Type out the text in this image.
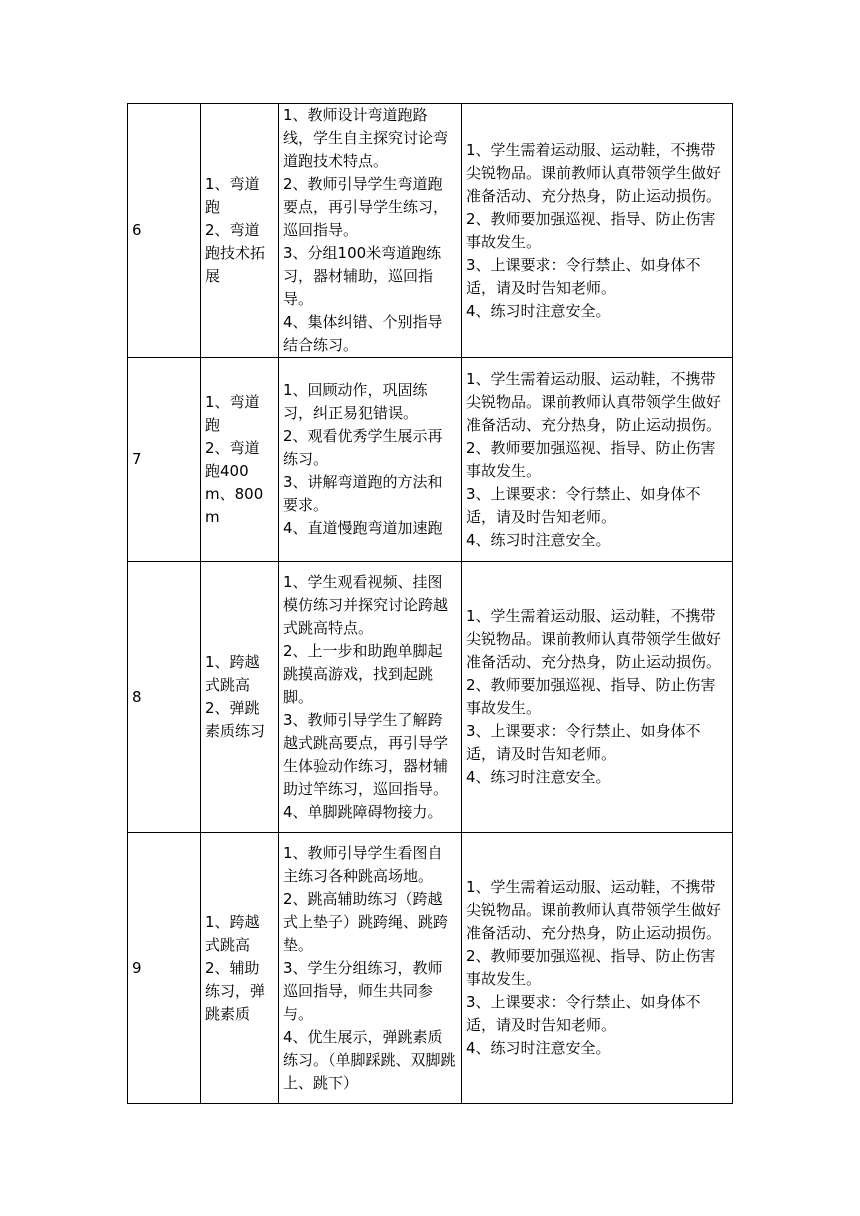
6	1、弯道跑
2、弯道跑技术拓展	1、教师设计弯道跑路线，学生自主探究讨论弯道跑技术特点。
2、教师引导学生弯道跑要点，再引导学生练习，巡回指导。
3、分组100米弯道跑练习，器材辅助，巡回指导。
4、集体纠错、个别指导结合练习。	1、学生需着运动服、运动鞋，不携带尖锐物品。课前教师认真带领学生做好准备活动、充分热身，防止运动损伤。
2、教师要加强巡视、指导、防止伤害事故发生。
3、上课要求：令行禁止、如身体不适，请及时告知老师。
4、练习时注意安全。

7	1、弯道跑
2、弯道跑400m、800m	1、回顾动作，巩固练习，纠正易犯错误。
2、观看优秀学生展示再练习。
3、讲解弯道跑的方法和要求。
4、直道慢跑弯道加速跑	1、学生需着运动服、运动鞋，不携带尖锐物品。课前教师认真带领学生做好准备活动、充分热身，防止运动损伤。
2、教师要加强巡视、指导、防止伤害事故发生。
3、上课要求：令行禁止、如身体不适，请及时告知老师。
4、练习时注意安全。

8	1、跨越式跳高
2、弹跳素质练习	1、学生观看视频、挂图模仿练习并探究讨论跨越式跳高特点。
2、上一步和助跑单脚起跳摸高游戏，找到起跳脚。
3、教师引导学生了解跨越式跳高要点，再引导学生体验动作练习，器材辅助过竿练习，巡回指导。
4、单脚跳障碍物接力。	1、学生需着运动服、运动鞋，不携带尖锐物品。课前教师认真带领学生做好准备活动、充分热身，防止运动损伤。
2、教师要加强巡视、指导、防止伤害事故发生。
3、上课要求：令行禁止、如身体不适，请及时告知老师。
4、练习时注意安全。

9	1、跨越式跳高
2、辅助练习，弹跳素质	1、教师引导学生看图自主练习各种跳高场地。
2、跳高辅助练习（跨越式上垫子）跳跨绳、跳跨垫。
3、学生分组练习，教师巡回指导，师生共同参与。
4、优生展示，弹跳素质练习。（单脚踩跳、双脚跳上、跳下）	1、学生需着运动服、运动鞋，不携带尖锐物品。课前教师认真带领学生做好准备活动、充分热身，防止运动损伤。
2、教师要加强巡视、指导、防止伤害事故发生。
3、上课要求：令行禁止、如身体不适，请及时告知老师。
4、练习时注意安全。
